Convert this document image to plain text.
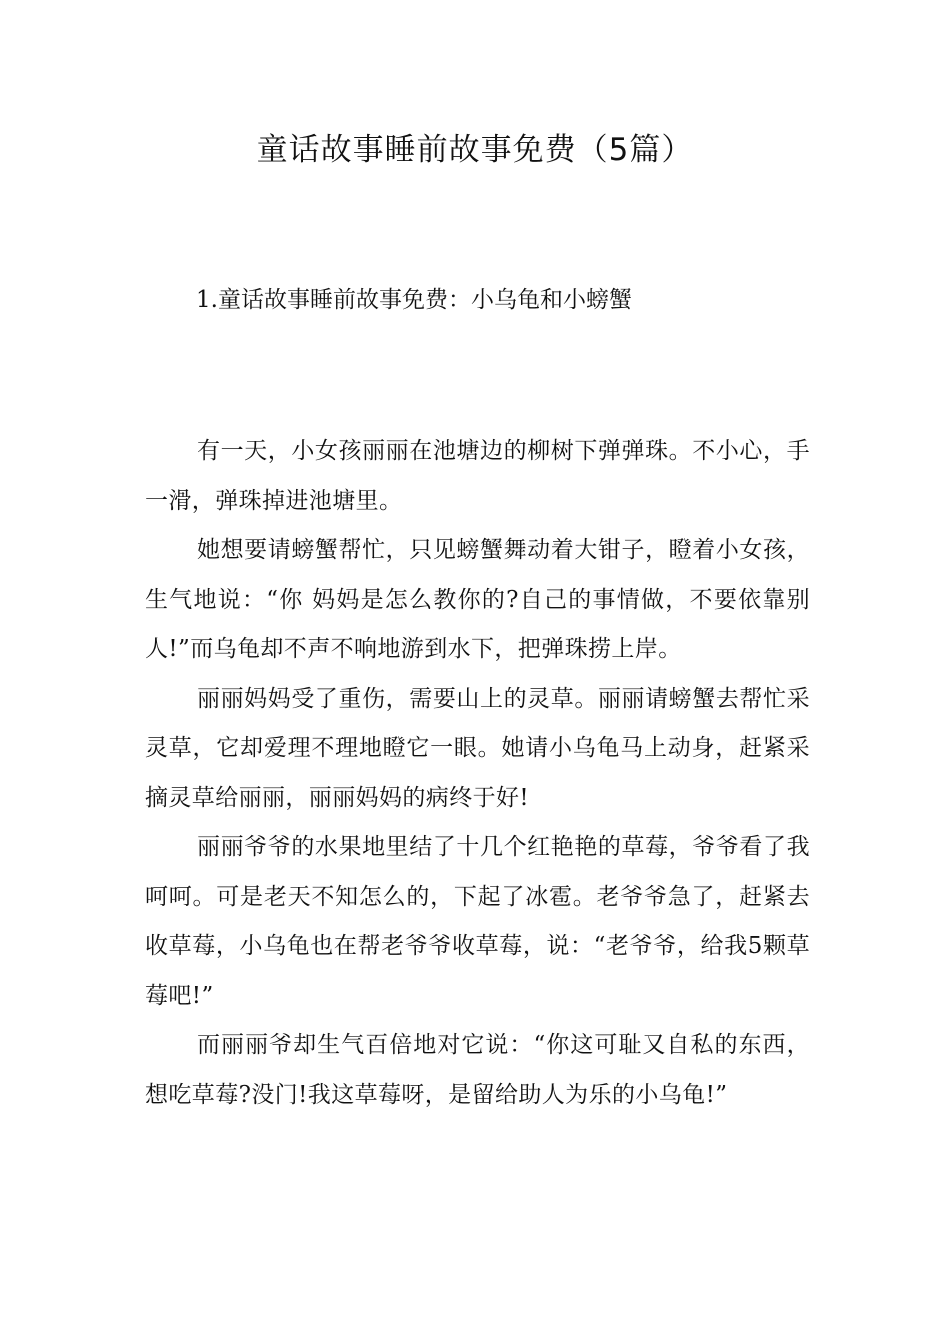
童话故事睡前故事免费（5篇）
1.童话故事睡前故事免费：小乌龟和小螃蟹

有一天，小女孩丽丽在池塘边的柳树下弹弹珠。不小心，手一滑，弹珠掉进池塘里。

她想要请螃蟹帮忙，只见螃蟹舞动着大钳子，瞪着小女孩，生气地说：“你 妈妈是怎么教你的?自己的事情做，不要依靠别人!”而乌龟却不声不响地游到水下，把弹珠捞上岸。

丽丽妈妈受了重伤，需要山上的灵草。丽丽请螃蟹去帮忙采灵草，它却爱理不理地瞪它一眼。她请小乌龟马上动身，赶紧采摘灵草给丽丽，丽丽妈妈的病终于好!

丽丽爷爷的水果地里结了十几个红艳艳的草莓，爷爷看了我呵呵。可是老天不知怎么的，下起了冰雹。老爷爷急了，赶紧去收草莓，小乌龟也在帮老爷爷收草莓，说：“老爷爷，给我5颗草莓吧!”

而丽丽爷却生气百倍地对它说：“你这可耻又自私的东西，想吃草莓?没门!我这草莓呀，是留给助人为乐的小乌龟!”
